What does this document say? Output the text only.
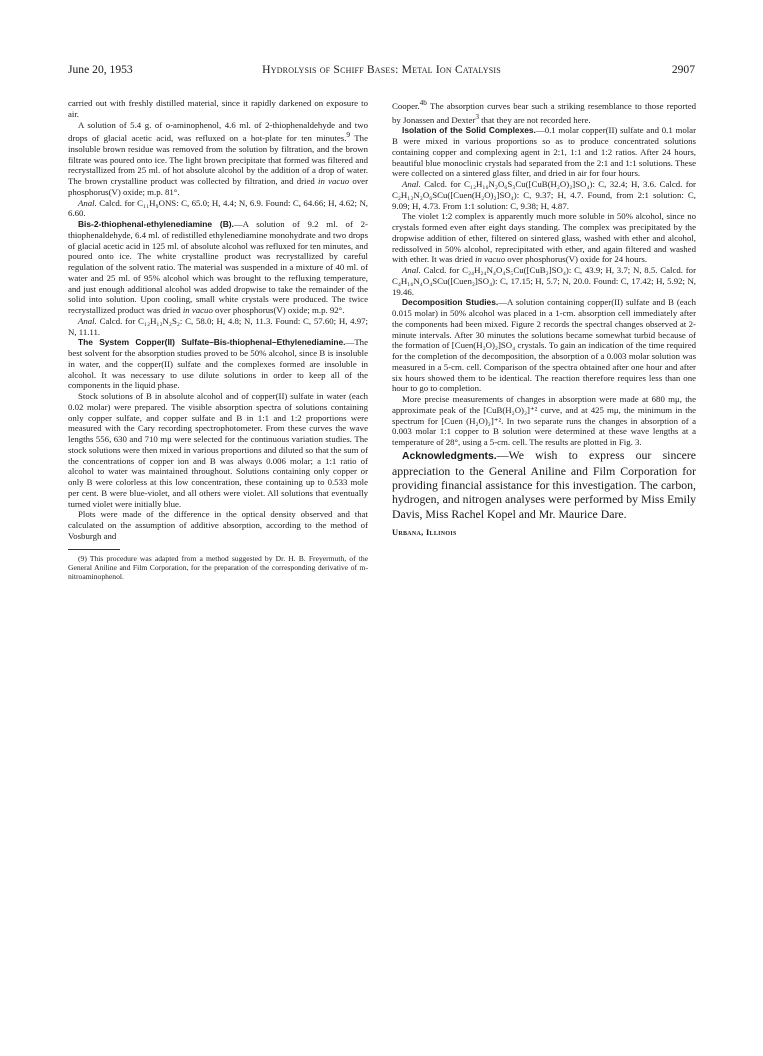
June 20, 1953	Hydrolysis of Schiff Bases: Metal Ion Catalysis	2907

carried out with freshly distilled material, since it rapidly darkened on exposure to air.

A solution of 5.4 g. of o-aminophenol, 4.6 ml. of 2-thiophenaldehyde and two drops of glacial acetic acid, was refluxed on a hot-plate for ten minutes.$^9$ The insoluble brown residue was removed from the solution by filtration, and the brown filtrate was poured onto ice. The light brown precipitate that formed was filtered and recrystallized from 25 ml. of hot absolute alcohol by the addition of a drop of water. The brown crystalline product was collected by filtration, and dried in vacuo over phosphorus(V) oxide; m.p. 81°.

Anal. Calcd. for C₁₁H₉ONS: C, 65.0; H, 4.4; N, 6.9. Found: C, 64.66; H, 4.62; N, 6.60.

Bis-2-thiophenal-ethylenediamine (B).—A solution of 9.2 ml. of 2-thiophenaldehyde, 6.4 ml. of redistilled ethylenediamine monohydrate and two drops of glacial acetic acid in 125 ml. of absolute alcohol was refluxed for ten minutes, and poured onto ice. The white crystalline product was recrystallized by careful regulation of the solvent ratio. The material was suspended in a mixture of 40 ml. of water and 25 ml. of 95% alcohol which was brought to the refluxing temperature, and just enough additional alcohol was added dropwise to take the remainder of the solid into solution. Upon cooling, small white crystals were produced. The twice recrystallized product was dried in vacuo over phosphorus(V) oxide; m.p. 92°.

Anal. Calcd. for C₁₂H₁₂N₂S₂: C, 58.0; H, 4.8; N, 11.3. Found: C, 57.60; H, 4.97; N, 11.11.

The System Copper(II) Sulfate–Bis-thiophenal–Ethylenediamine.—The best solvent for the absorption studies proved to be 50% alcohol, since B is insoluble in water, and the copper(II) sulfate and the complexes formed are insoluble in alcohol. It was necessary to use dilute solutions in order to keep all of the components in the liquid phase.

Stock solutions of B in absolute alcohol and of copper(II) sulfate in water (each 0.02 molar) were prepared. The visible absorption spectra of solutions containing only copper sulfate, and copper sulfate and B in 1:1 and 1:2 proportions were measured with the Cary recording spectrophotometer. From these curves the wave lengths 556, 630 and 710 mμ were selected for the continuous variation studies. The stock solutions were then mixed in various proportions and diluted so that the sum of the concentrations of copper ion and B was always 0.006 molar; a 1:1 ratio of alcohol to water was maintained throughout. Solutions containing only copper or only B were colorless at this low concentration, these containing up to 0.533 mole per cent. B were blue-violet, and all others were violet. All solutions that eventually turned violet were initially blue.

Plots were made of the difference in the optical density observed and that calculated on the assumption of additive absorption, according to the method of Vosburgh and

(9) This procedure was adapted from a method suggested by Dr. H. B. Freyermuth, of the General Aniline and Film Corporation, for the preparation of the corresponding derivative of m-nitroaminophenol.

Cooper.$^{4b}$ The absorption curves bear such a striking resemblance to those reported by Jonassen and Dexter$^3$ that they are not recorded here.

Isolation of the Solid Complexes.—0.1 molar copper(II) sulfate and 0.1 molar B were mixed in various proportions so as to produce concentrated solutions containing copper and complexing agent in 2:1, 1:1 and 1:2 ratios. After 24 hours, beautiful blue monoclinic crystals had separated from the 2:1 and 1:1 solutions. These were collected on a sintered glass filter, and dried in air for four hours.

Anal. Calcd. for C₁₂H₁₆N₂O₆S₃Cu([CuB(H₂O)₂]SO₄): C, 32.4; H, 3.6. Calcd. for C₂H₁₂N₂O₆SCu([Cuen(H₂O)₂]SO₄): C, 9.37; H, 4.7. Found, from 2:1 solution: C, 9.09; H, 4.73. From 1:1 solution: C, 9.38; H, 4.87.

The violet 1:2 complex is apparently much more soluble in 50% alcohol, since no crystals formed even after eight days standing. The complex was precipitated by the dropwise addition of ether, filtered on sintered glass, washed with ether and alcohol, redissolved in 50% alcohol, reprecipitated with ether, and again filtered and washed with ether. It was dried in vacuo over phosphorus(V) oxide for 24 hours.

Anal. Calcd. for C₂₄H₂₄N₄O₄S₅Cu([CuB₂]SO₄): C, 43.9; H, 3.7; N, 8.5. Calcd. for C₄H₁₆N₄O₄SCu([Cuen₂]SO₄): C, 17.15; H, 5.7; N, 20.0. Found: C, 17.42; H, 5.92; N, 19.46.

Decomposition Studies.—A solution containing copper(II) sulfate and B (each 0.015 molar) in 50% alcohol was placed in a 1-cm. absorption cell immediately after the components had been mixed. Figure 2 records the spectral changes observed at 2-minute intervals. After 30 minutes the solutions became somewhat turbid because of the formation of [Cuen(H₂O)₂]SO₄ crystals. To gain an indication of the time required for the completion of the decomposition, the absorption of a 0.003 molar solution was measured in a 5-cm. cell. Comparison of the spectra obtained after one hour and after six hours showed them to be identical. The reaction therefore requires less than one hour to go to completion.

More precise measurements of changes in absorption were made at 680 mμ, the approximate peak of the [CuB(H₂O)₂]⁺² curve, and at 425 mμ, the minimum in the spectrum for [Cuen (H₂O)₂]⁺². In two separate runs the changes in absorption of a 0.003 molar 1:1 copper to B solution were determined at these wave lengths at a temperature of 28°, using a 5-cm. cell. The results are plotted in Fig. 3.

Acknowledgments.—We wish to express our sincere appreciation to the General Aniline and Film Corporation for providing financial assistance for this investigation. The carbon, hydrogen, and nitrogen analyses were performed by Miss Emily Davis, Miss Rachel Kopel and Mr. Maurice Dare.

Urbana, Illinois
